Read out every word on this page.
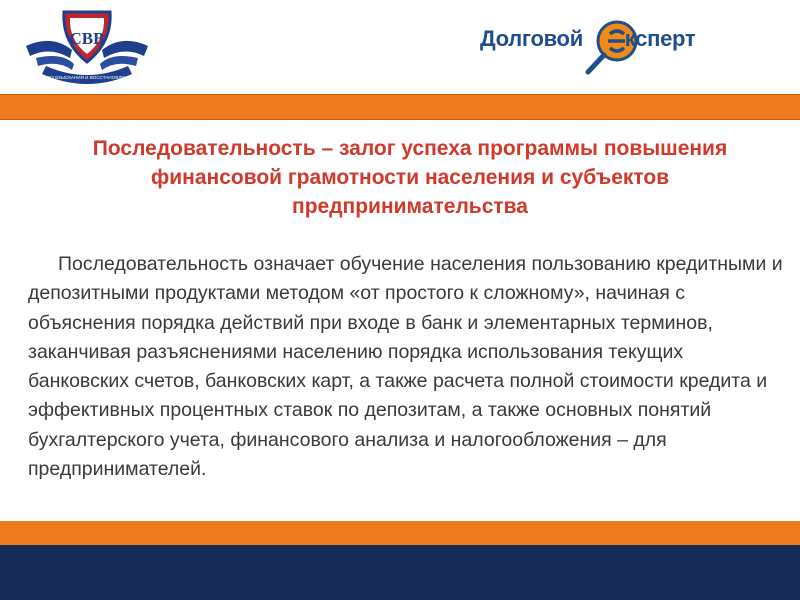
СВВ
СОЮЗ ВЗЫСКАНИЯ И ВОССТАНОВЛЕНИЯ
Долговой ксперт
Последовательность – залог успеха программы повышения финансовой грамотности населения и субъектов предпринимательства
Последовательность означает обучение населения пользованию кредитными и депозитными продуктами методом «от простого к сложному», начиная с объяснения порядка действий при входе в банк и элементарных терминов, заканчивая разъяснениями населению порядка использования текущих банковских счетов, банковских карт, а также расчета полной стоимости кредита и эффективных процентных ставок по депозитам, а также основных понятий бухгалтерского учета, финансового анализа и налогообложения – для предпринимателей.
